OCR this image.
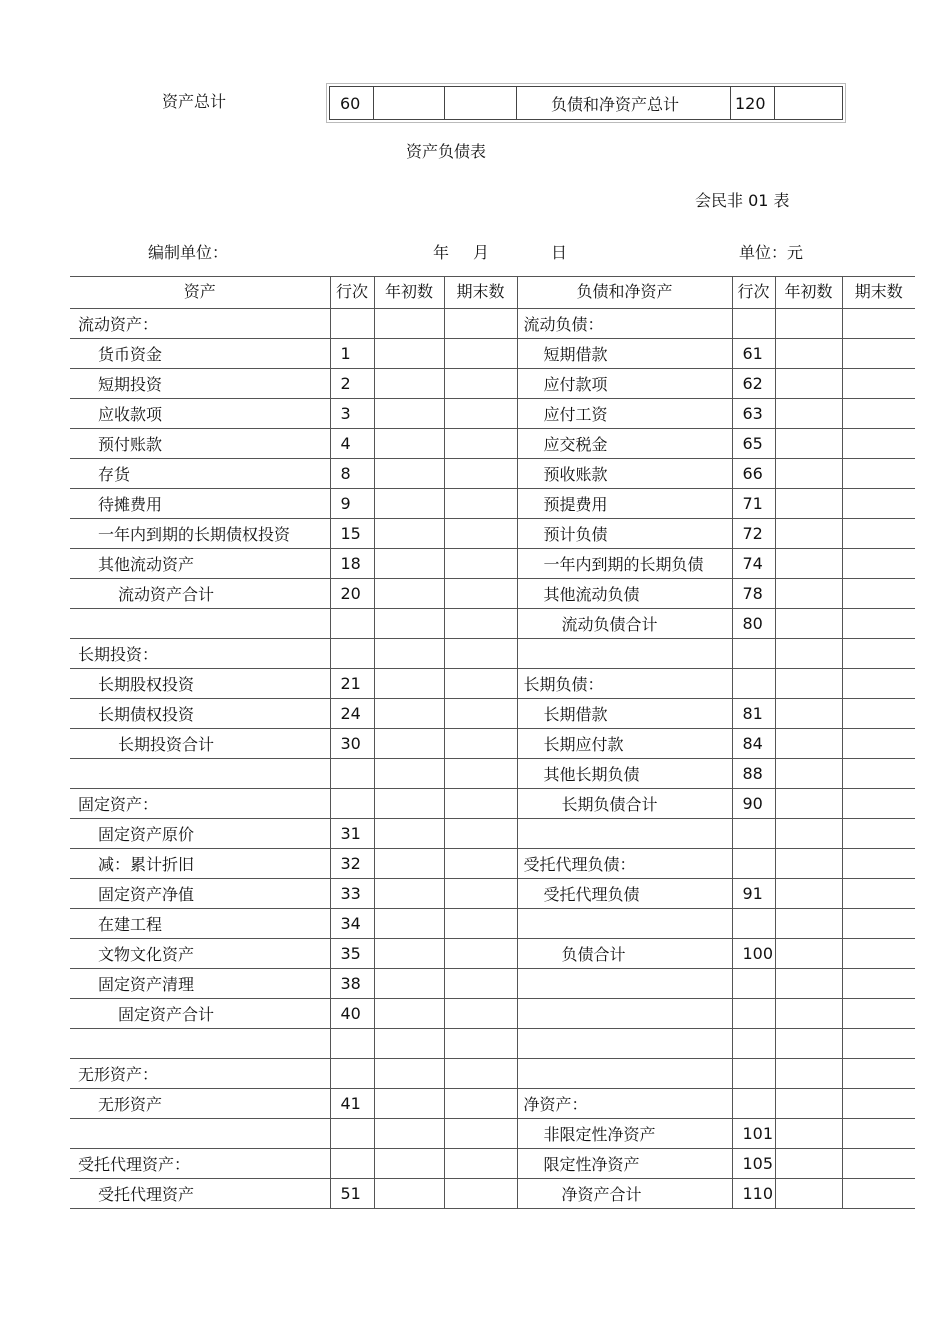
资产总计	60			负债和净资产总计	120	
资产负债表
会民非 01 表
编制单位：	年 月	日	单位：元
资产	行次	年初数	期末数	负债和净资产	行次	年初数	期末数
流动资产：				流动负债：			
货币资金	1			短期借款	61		
短期投资	2			应付款项	62		
应收款项	3			应付工资	63		
预付账款	4			应交税金	65		
存货	8			预收账款	66		
待摊费用	9			预提费用	71		
一年内到期的长期债权投资	15			预计负债	72		
其他流动资产	18			一年内到期的长期负债	74		
流动资产合计	20			其他流动负债	78		
				流动负债合计	80		
长期投资：							
长期股权投资	21			长期负债：			
长期债权投资	24			长期借款	81		
长期投资合计	30			长期应付款	84		
				其他长期负债	88		
固定资产：				长期负债合计	90		
固定资产原价	31						
减：累计折旧	32			受托代理负债：			
固定资产净值	33			受托代理负债	91		
在建工程	34						
文物文化资产	35			负债合计	100		
固定资产清理	38						
固定资产合计	40						

无形资产：							
无形资产	41			净资产：			
				非限定性净资产	101		
受托代理资产：				限定性净资产	105		
受托代理资产	51			净资产合计	110		
